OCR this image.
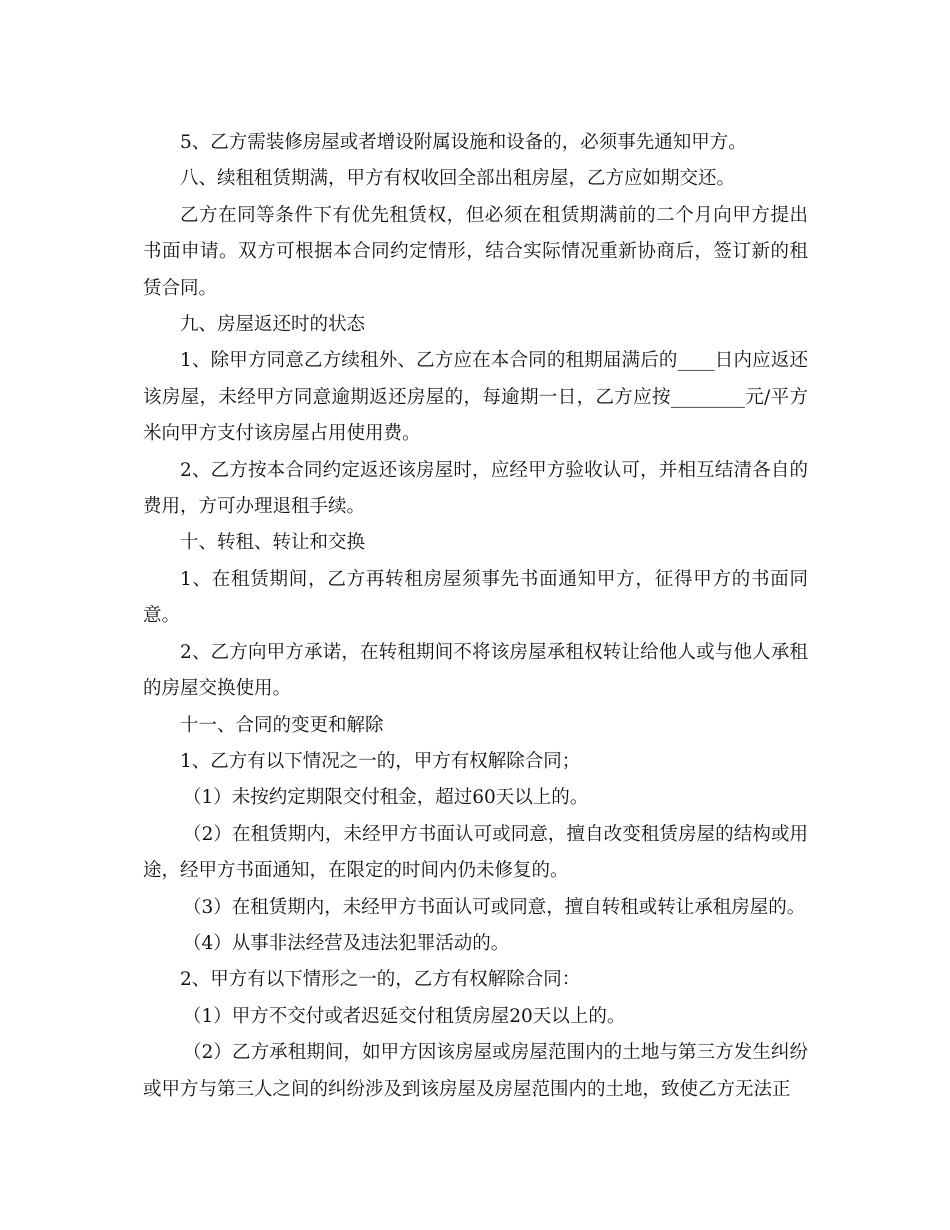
5、乙方需装修房屋或者增设附属设施和设备的，必须事先通知甲方。

八、续租租赁期满，甲方有权收回全部出租房屋，乙方应如期交还。

乙方在同等条件下有优先租赁权，但必须在租赁期满前的二个月向甲方提出书面申请。双方可根据本合同约定情形，结合实际情况重新协商后，签订新的租赁合同。

九、房屋返还时的状态

1、除甲方同意乙方续租外、乙方应在本合同的租期届满后的____日内应返还该房屋，未经甲方同意逾期返还房屋的，每逾期一日，乙方应按________元/平方米向甲方支付该房屋占用使用费。

2、乙方按本合同约定返还该房屋时，应经甲方验收认可，并相互结清各自的费用，方可办理退租手续。

十、转租、转让和交换

1、在租赁期间，乙方再转租房屋须事先书面通知甲方，征得甲方的书面同意。

2、乙方向甲方承诺，在转租期间不将该房屋承租权转让给他人或与他人承租的房屋交换使用。

十一、合同的变更和解除

1、乙方有以下情况之一的，甲方有权解除合同；

（1）未按约定期限交付租金，超过60天以上的。

（2）在租赁期内，未经甲方书面认可或同意，擅自改变租赁房屋的结构或用途，经甲方书面通知，在限定的时间内仍未修复的。

（3）在租赁期内，未经甲方书面认可或同意，擅自转租或转让承租房屋的。

（4）从事非法经营及违法犯罪活动的。

2、甲方有以下情形之一的，乙方有权解除合同：

（1）甲方不交付或者迟延交付租赁房屋20天以上的。

（2）乙方承租期间，如甲方因该房屋或房屋范围内的土地与第三方发生纠纷或甲方与第三人之间的纠纷涉及到该房屋及房屋范围内的土地，致使乙方无法正
